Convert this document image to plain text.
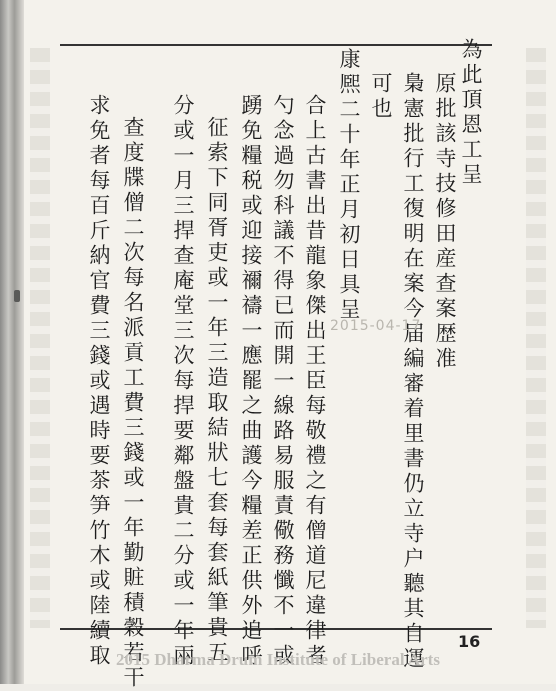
為此頂恩工呈
原批該寺技修田産查案歴准
梟憲批行工復明在案今届編審着里書仍立寺户聽其自運
可也
康熈二十年正月初日具呈
合上古書出昔龍象傑出王臣每敬禮之有僧道尼違律者
勺念過勿科議不得已而開一線路易服責儆務懺不一或
踴免糧税或迎接禰禱一應罷之曲護今糧差正供外追呼
征索下同胥吏或一年三造取結狀七套每套紙筆貴五
分或一月三捍查庵堂三次每捍要鄰盤貴二分或一年兩
查度牒僧二次每名派貢工費三錢或一年勤賍積穀若干
求免者每百斤納官費三錢或遇時要茶笋竹木或陸續取	2015-04-17
16
2015 Dharma Drum Institute of Liberal Arts
